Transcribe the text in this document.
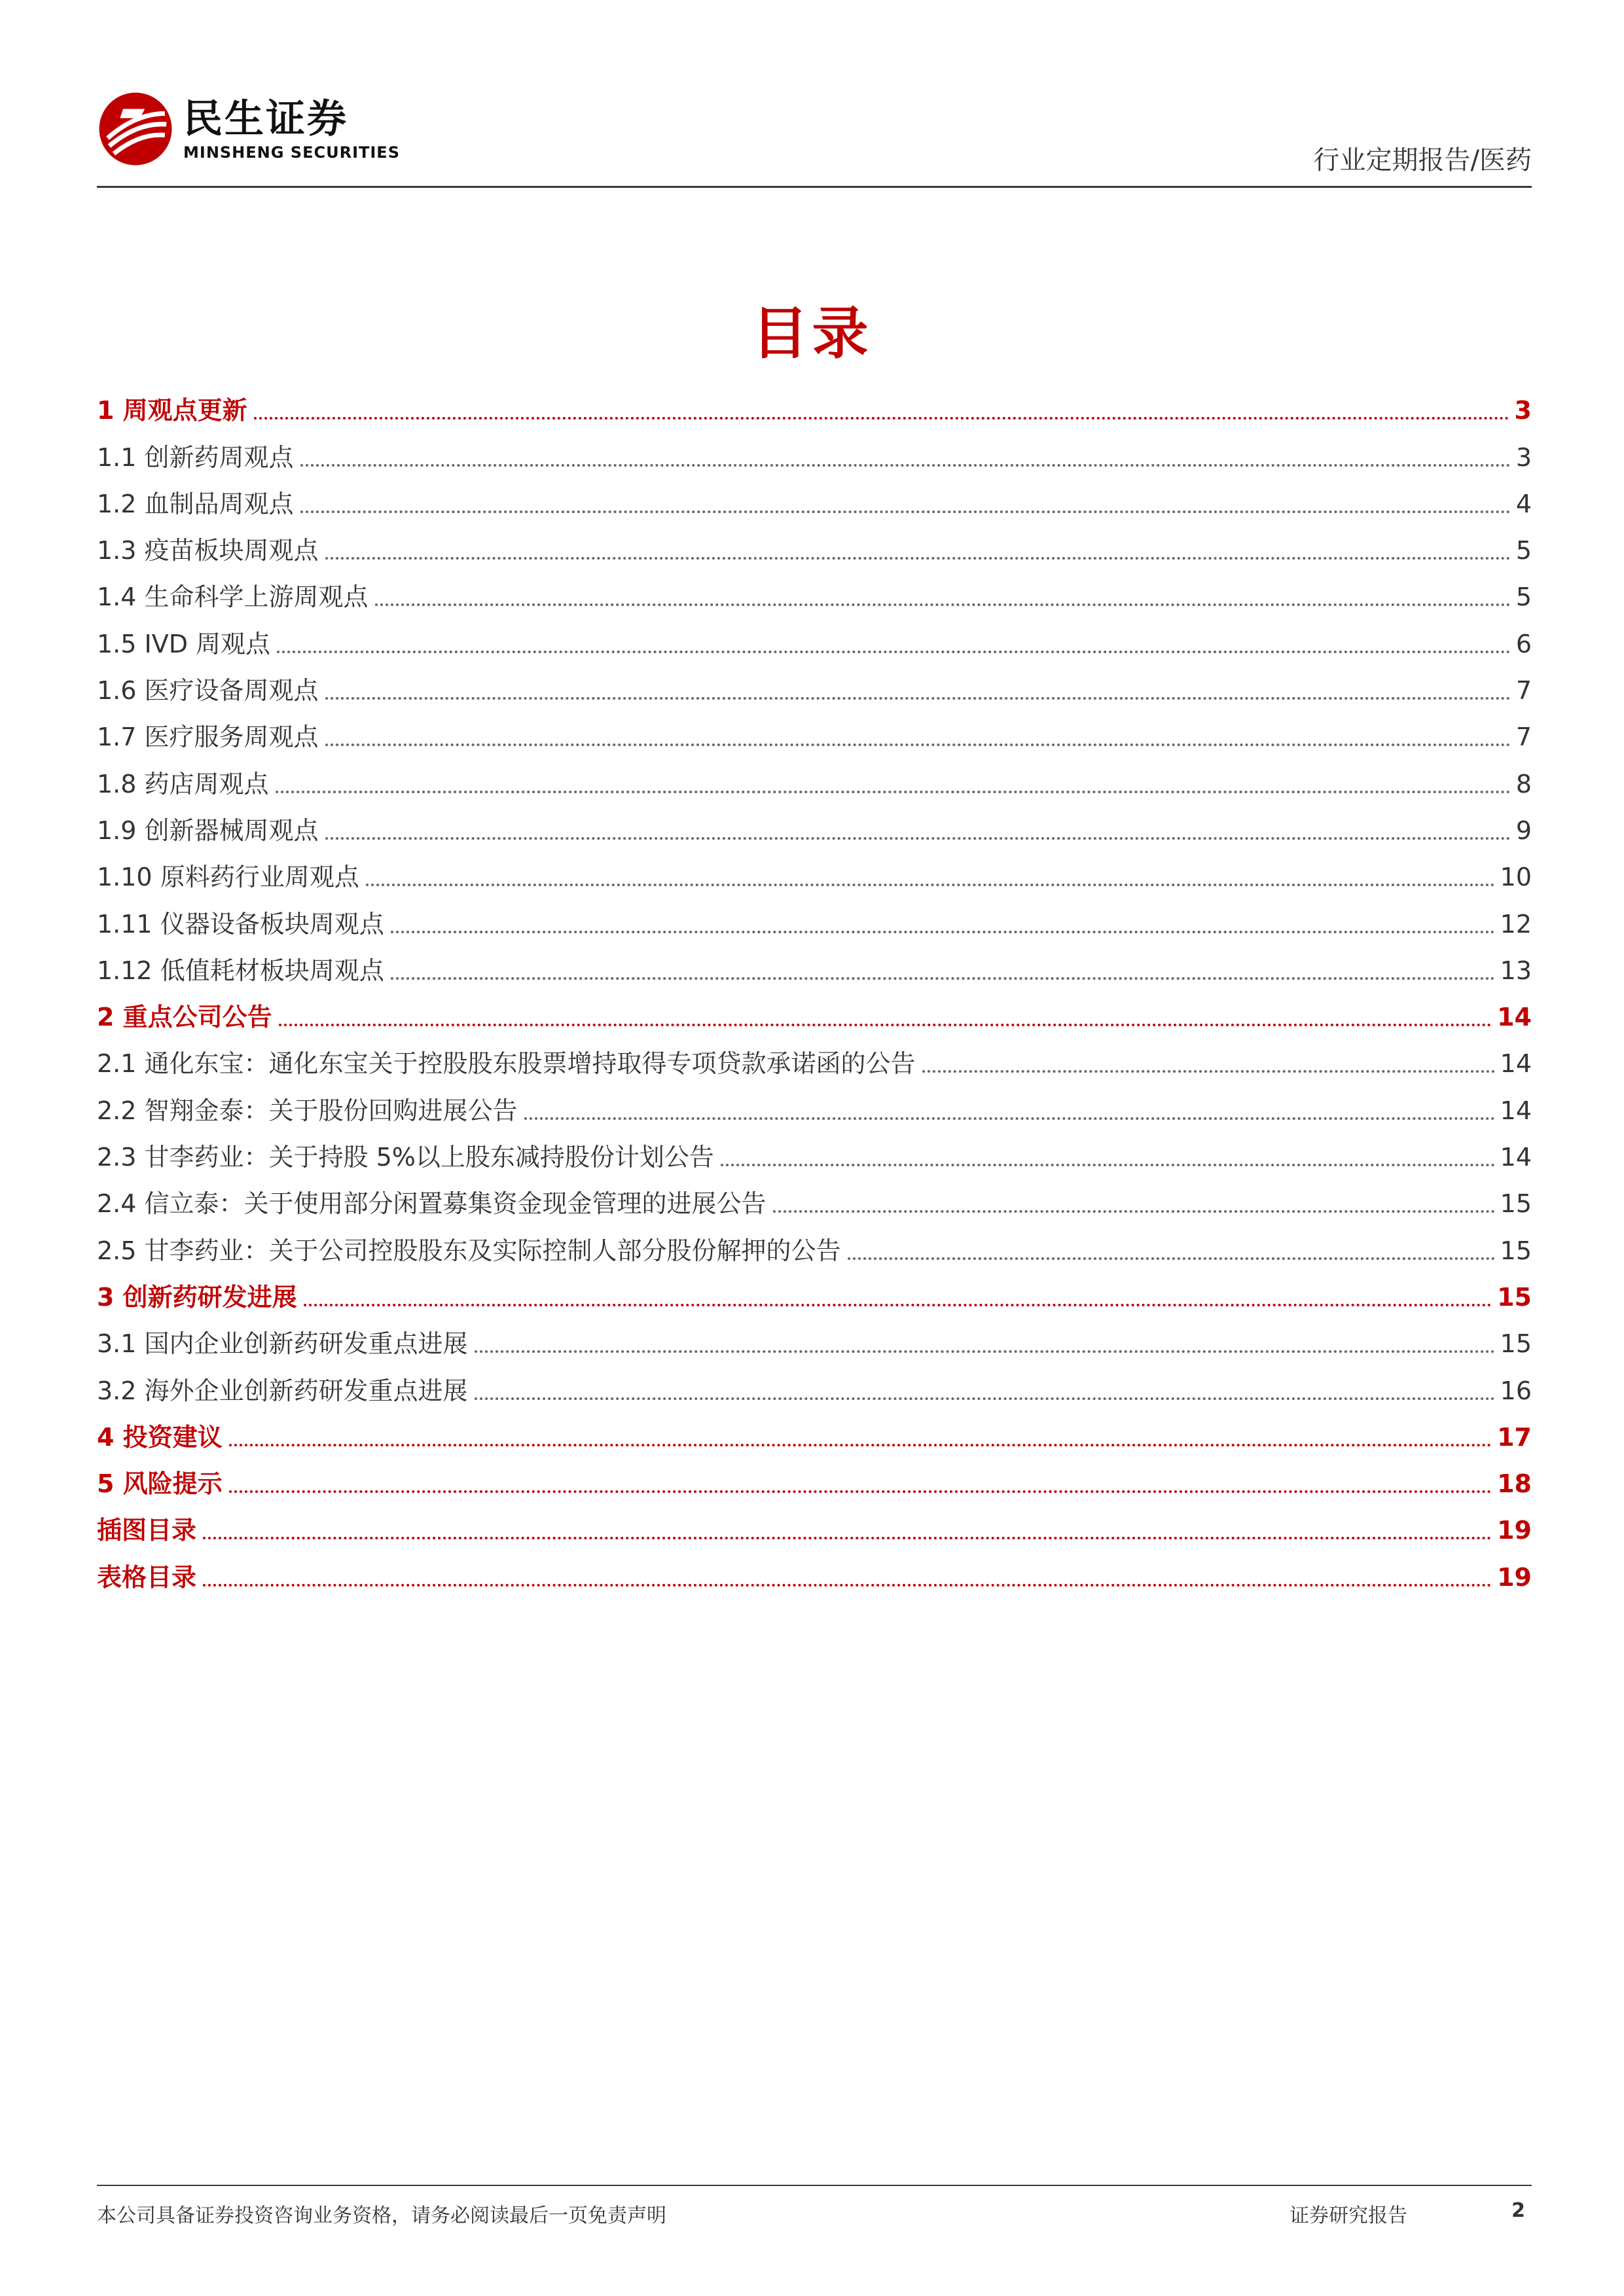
民生证券
MINSHENG SECURITIES	行业定期报告/医药
目录
1 周观点更新	3
1.1 创新药周观点	3
1.2 血制品周观点	4
1.3 疫苗板块周观点	5
1.4 生命科学上游周观点	5
1.5 IVD 周观点	6
1.6 医疗设备周观点	7
1.7 医疗服务周观点	7
1.8 药店周观点	8
1.9 创新器械周观点	9
1.10 原料药行业周观点	10
1.11 仪器设备板块周观点	12
1.12 低值耗材板块周观点	13
2 重点公司公告	14
2.1 通化东宝：通化东宝关于控股股东股票增持取得专项贷款承诺函的公告	14
2.2 智翔金泰：关于股份回购进展公告	14
2.3 甘李药业：关于持股 5%以上股东减持股份计划公告	14
2.4 信立泰：关于使用部分闲置募集资金现金管理的进展公告	15
2.5 甘李药业：关于公司控股股东及实际控制人部分股份解押的公告	15
3 创新药研发进展	15
3.1 国内企业创新药研发重点进展	15
3.2 海外企业创新药研发重点进展	16
4 投资建议	17
5 风险提示	18
插图目录	19
表格目录	19
本公司具备证券投资咨询业务资格，请务必阅读最后一页免责声明	证券研究报告	2
